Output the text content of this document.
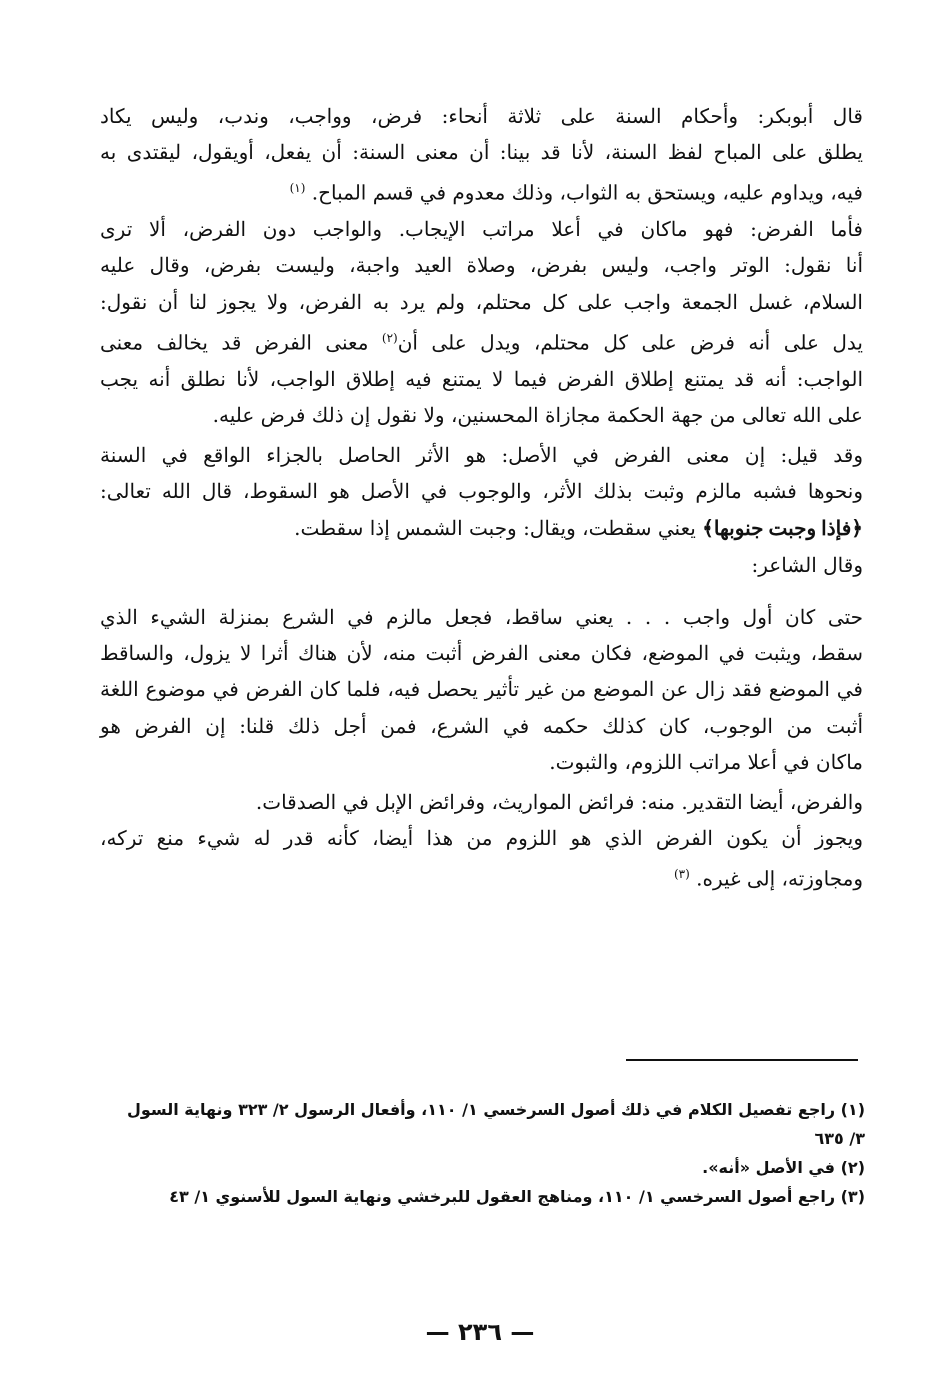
قال أبوبكر: وأحكام السنة على ثلاثة أنحاء: فرض، وواجب، وندب، وليس يكاد
يطلق على المباح لفظ السنة، لأنا قد بينا: أن معنى السنة: أن يفعل، أويقول، ليقتدى به
فيه، ويداوم عليه، ويستحق به الثواب، وذلك معدوم في قسم المباح. $^{(١)}$
فأما الفرض: فهو ماكان في أعلا مراتب الإيجاب. والواجب دون الفرض، ألا ترى
أنا نقول: الوتر واجب، وليس بفرض، وصلاة العيد واجبة، وليست بفرض، وقال عليه
السلام، غسل الجمعة واجب على كل محتلم، ولم يرد به الفرض، ولا يجوز لنا أن نقول:
يدل على أنه فرض على كل محتلم، ويدل على أن$^{(٢)}$ معنى الفرض قد يخالف معنى
الواجب: أنه قد يمتنع إطلاق الفرض فيما لا يمتنع فيه إطلاق الواجب، لأنا نطلق أنه يجب
على الله تعالى من جهة الحكمة مجازاة المحسنين، ولا نقول إن ذلك فرض عليه.
وقد قيل: إن معنى الفرض في الأصل: هو الأثر الحاصل بالجزاء الواقع في السنة
ونحوها فشبه مالزم وثبت بذلك الأثر، والوجوب في الأصل هو السقوط، قال الله تعالى:
﴿فإذا وجبت جنوبها﴾ يعني سقطت، ويقال: وجبت الشمس إذا سقطت.
وقال الشاعر:
حتى كان أول واجب . . . يعني ساقط، فجعل مالزم في الشرع بمنزلة الشيء الذي
سقط، ويثبت في الموضع، فكان معنى الفرض أثبت منه، لأن هناك أثرا لا يزول، والساقط
في الموضع فقد زال عن الموضع من غير تأثير يحصل فيه، فلما كان الفرض في موضوع اللغة
أثبت من الوجوب، كان كذلك حكمه في الشرع، فمن أجل ذلك قلنا: إن الفرض هو
ماكان في أعلا مراتب اللزوم، والثبوت.
والفرض، أيضا التقدير. منه: فرائض المواريث، وفرائض الإبل في الصدقات.
ويجوز أن يكون الفرض الذي هو اللزوم من هذا أيضا، كأنه قدر له شيء منع تركه،
ومجاوزته، إلى غيره. $^{(٣)}$
(١) راجع تفصيل الكلام في ذلك أصول السرخسي ١/ ١١٠، وأفعال الرسول ٢/ ٣٢٣ ونهاية السول
٣/ ٦٣٥
(٢) في الأصل «أنه».
(٣) راجع أصول السرخسي ١/ ١١٠، ومناهج العقول للبرخشي ونهاية السول للأسنوي ١/ ٤٣
— ٢٣٦ —
